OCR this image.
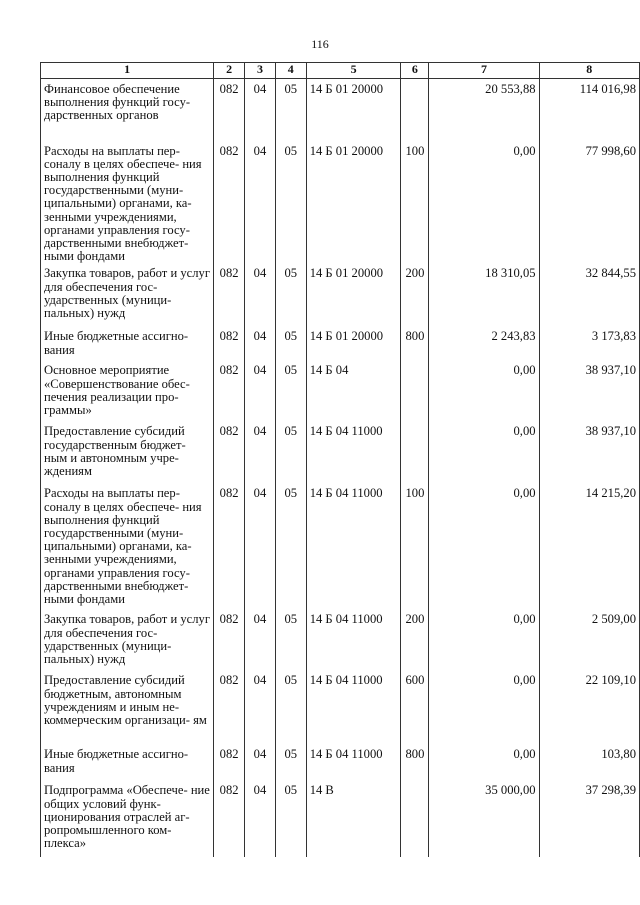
116
1	2	3	4	5	6	7	8
Финансовое обеспечение выполнения функций госу- дарственных органов	082	04	05	14 Б 01 20000		20 553,88	114 016,98
Расходы на выплаты пер- соналу в целях обеспече- ния выполнения функций государственными (муни- ципальными) органами, ка- зенными учреждениями, органами управления госу- дарственными внебюджет- ными фондами	082	04	05	14 Б 01 20000	100	0,00	77 998,60
Закупка товаров, работ и услуг для обеспечения гос- ударственных (муници- пальных) нужд	082	04	05	14 Б 01 20000	200	18 310,05	32 844,55
Иные бюджетные ассигно- вания	082	04	05	14 Б 01 20000	800	2 243,83	3 173,83
Основное мероприятие «Совершенствование обес- печения реализации про- граммы»	082	04	05	14 Б 04		0,00	38 937,10
Предоставление субсидий государственным бюджет- ным и автономным учре- ждениям	082	04	05	14 Б 04 11000		0,00	38 937,10
Расходы на выплаты пер- соналу в целях обеспече- ния выполнения функций государственными (муни- ципальными) органами, ка- зенными учреждениями, органами управления госу- дарственными внебюджет- ными фондами	082	04	05	14 Б 04 11000	100	0,00	14 215,20
Закупка товаров, работ и услуг для обеспечения гос- ударственных (муници- пальных) нужд	082	04	05	14 Б 04 11000	200	0,00	2 509,00
Предоставление субсидий бюджетным, автономным учреждениям и иным не- коммерческим организаци- ям	082	04	05	14 Б 04 11000	600	0,00	22 109,10
Иные бюджетные ассигно- вания	082	04	05	14 Б 04 11000	800	0,00	103,80
Подпрограмма «Обеспече- ние общих условий функ- ционирования отраслей аг- ропромышленного ком- плекса»	082	04	05	14 В		35 000,00	37 298,39
